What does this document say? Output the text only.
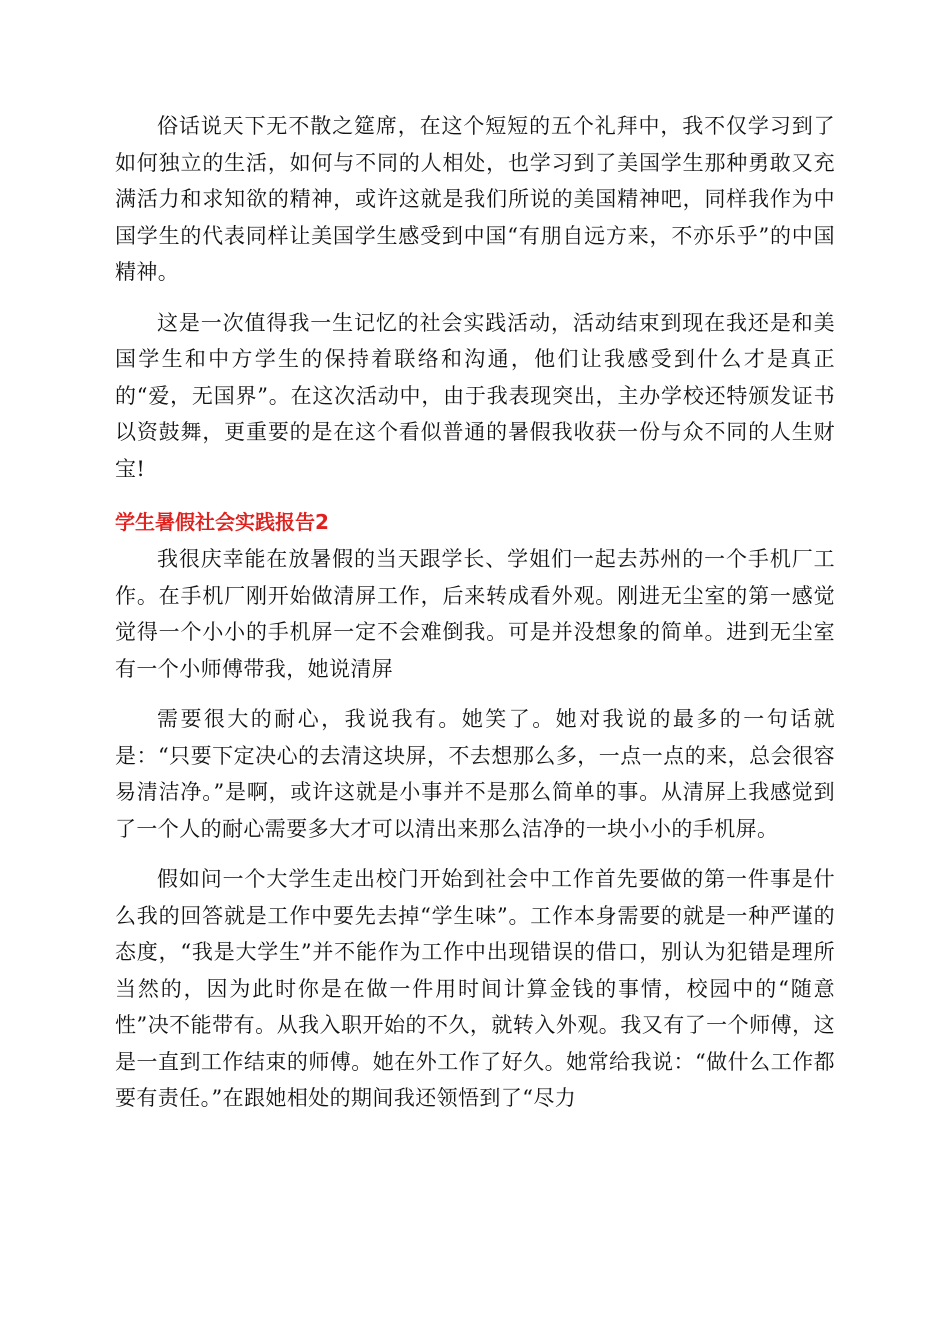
俗话说天下无不散之筵席，在这个短短的五个礼拜中，我不仅学习到了如何独立的生活，如何与不同的人相处，也学习到了美国学生那种勇敢又充满活力和求知欲的精神，或许这就是我们所说的美国精神吧，同样我作为中国学生的代表同样让美国学生感受到中国“有朋自远方来，不亦乐乎”的中国精神。

这是一次值得我一生记忆的社会实践活动，活动结束到现在我还是和美国学生和中方学生的保持着联络和沟通，他们让我感受到什么才是真正的“爱，无国界”。在这次活动中，由于我表现突出，主办学校还特颁发证书以资鼓舞，更重要的是在这个看似普通的暑假我收获一份与众不同的人生财宝!

学生暑假社会实践报告2

我很庆幸能在放暑假的当天跟学长、学姐们一起去苏州的一个手机厂工作。在手机厂刚开始做清屏工作，后来转成看外观。刚进无尘室的第一感觉觉得一个小小的手机屏一定不会难倒我。可是并没想象的简单。进到无尘室有一个小师傅带我，她说清屏

需要很大的耐心，我说我有。她笑了。她对我说的最多的一句话就是：“只要下定决心的去清这块屏，不去想那么多，一点一点的来，总会很容易清洁净。”是啊，或许这就是小事并不是那么简单的事。从清屏上我感觉到了一个人的耐心需要多大才可以清出来那么洁净的一块小小的手机屏。

假如问一个大学生走出校门开始到社会中工作首先要做的第一件事是什么我的回答就是工作中要先去掉“学生味”。工作本身需要的就是一种严谨的态度，“我是大学生”并不能作为工作中出现错误的借口，别认为犯错是理所当然的，因为此时你是在做一件用时间计算金钱的事情，校园中的“随意性”决不能带有。从我入职开始的不久，就转入外观。我又有了一个师傅，这是一直到工作结束的师傅。她在外工作了好久。她常给我说：“做什么工作都要有责任。”在跟她相处的期间我还领悟到了“尽力
